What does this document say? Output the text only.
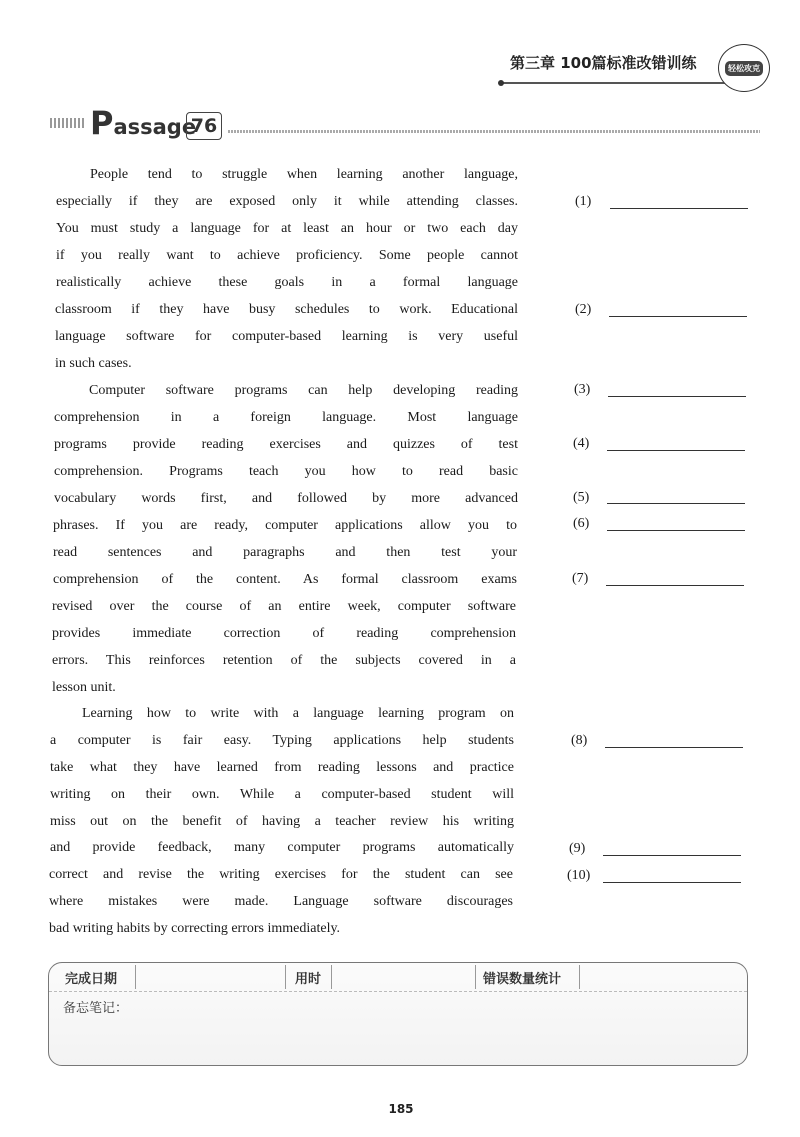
第三章 100篇标准改错训练	轻松攻克
Passage
76
People tend to struggle when learning another language,
especially if they are exposed only it while attending classes.
You must study a language for at least an hour or two each day
if you really want to achieve proficiency. Some people cannot
realistically achieve these goals in a formal language
classroom if they have busy schedules to work. Educational
language software for computer-based learning is very useful
in such cases.
Computer software programs can help developing reading
comprehension in a foreign language. Most language
programs provide reading exercises and quizzes of test
comprehension. Programs teach you how to read basic
vocabulary words first, and followed by more advanced
phrases. If you are ready, computer applications allow you to
read sentences and paragraphs and then test your
comprehension of the content. As formal classroom exams
revised over the course of an entire week, computer software
provides immediate correction of reading comprehension
errors. This reinforces retention of the subjects covered in a
lesson unit.
Learning how to write with a language learning program on
a computer is fair easy. Typing applications help students
take what they have learned from reading lessons and practice
writing on their own. While a computer-based student will
miss out on the benefit of having a teacher review his writing
and provide feedback, many computer programs automatically
correct and revise the writing exercises for the student can see
where mistakes were made. Language software discourages
bad writing habits by correcting errors immediately.
(1)
(2)
(3)
(4)
(5)
(6)
(7)
(8)
(9)
(10)
完成日期	用时	错误数量统计
备忘笔记：
185
